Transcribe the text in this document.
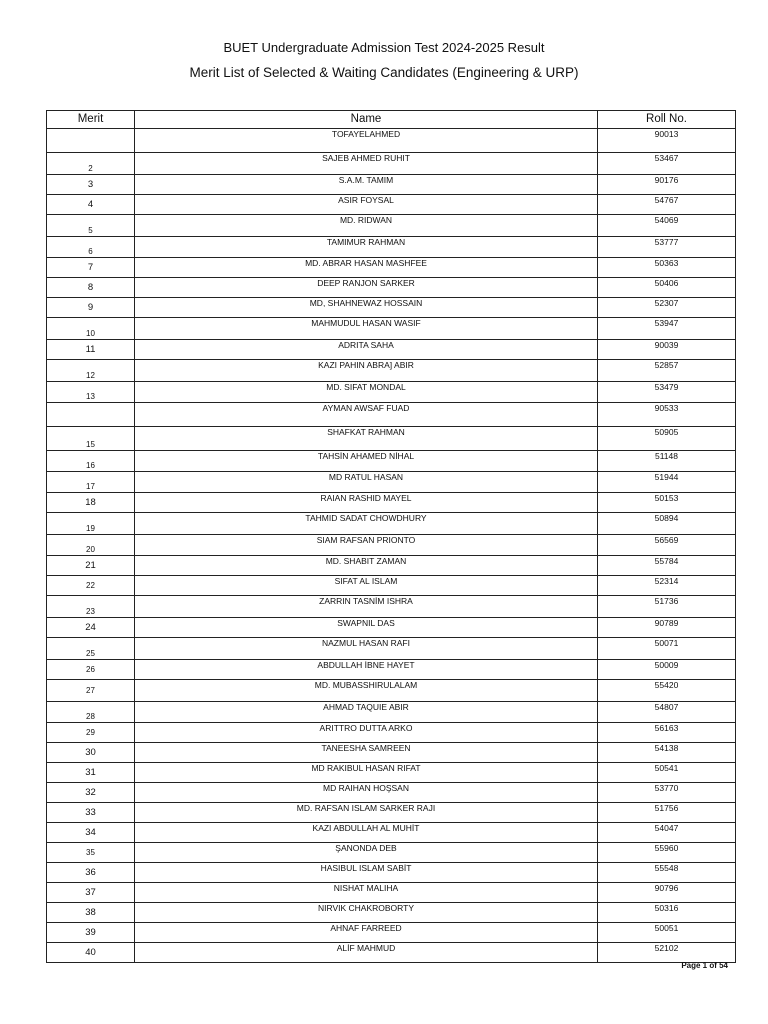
BUET Undergraduate Admission Test 2024-2025 Result
Merit List of Selected & Waiting Candidates (Engineering & URP)
Merit	Name	Roll No.
	TOFAYELAHMED	90013
2	SAJEB AHMED RUHIT	53467
3	S.A.M. TAMIM	90176
4	ASIR FOYSAL	54767
5	MD. RIDWAN	54069
6	TAMIMUR RAHMAN	53777
7	MD. ABRAR HASAN MASHFEE	50363
8	DEEP RANJON SARKER	50406
9	MD, SHAHNEWAZ HOSSAIN	52307
10	MAHMUDUL HASAN WASIF	53947
11	ADRITA SAHA	90039
12	KAZI PAHIN ABRA] ABIR	52857
13	MD. SIFAT MONDAL	53479
	AYMAN AWSAF FUAD	90533
15	SHAFKAT RAHMAN	50905
16	TAHSİN AHAMED NİHAL	51148
17	MD RATUL HASAN	51944
18	RAIAN RASHID MAYEL	50153
19	TAHMID SADAT CHOWDHURY	50894
20	SIAM RAFSAN PRIONTO	56569
21	MD. SHABIT ZAMAN	55784
22	SIFAT AL ISLAM	52314
23	ZARRIN TASNİM ISHRA	51736
24	SWAPNIL DAS	90789
25	NAZMUL HASAN RAFI	50071
26	ABDULLAH İBNE HAYET	50009
27	MD. MUBASSHIRULALAM	55420
28	AHMAD TAQUIE ABIR	54807
29	ARITTRO DUTTA ARKO	56163
30	TANEESHA SAMREEN	54138
31	MD RAKIBUL HASAN RIFAT	50541
32	MD RAIHAN HOŞSAN	53770
33	MD. RAFSAN ISLAM SARKER RAJI	51756
34	KAZI ABDULLAH AL MUHİT	54047
35	ŞANONDA DEB	55960
36	HASIBUL ISLAM SABİT	55548
37	NISHAT MALIHA	90796
38	NIRVIK CHAKROBORTY	50316
39	AHNAF FARREED	50051
40	ALİF MAHMUD	52102
Page 1 of 54
